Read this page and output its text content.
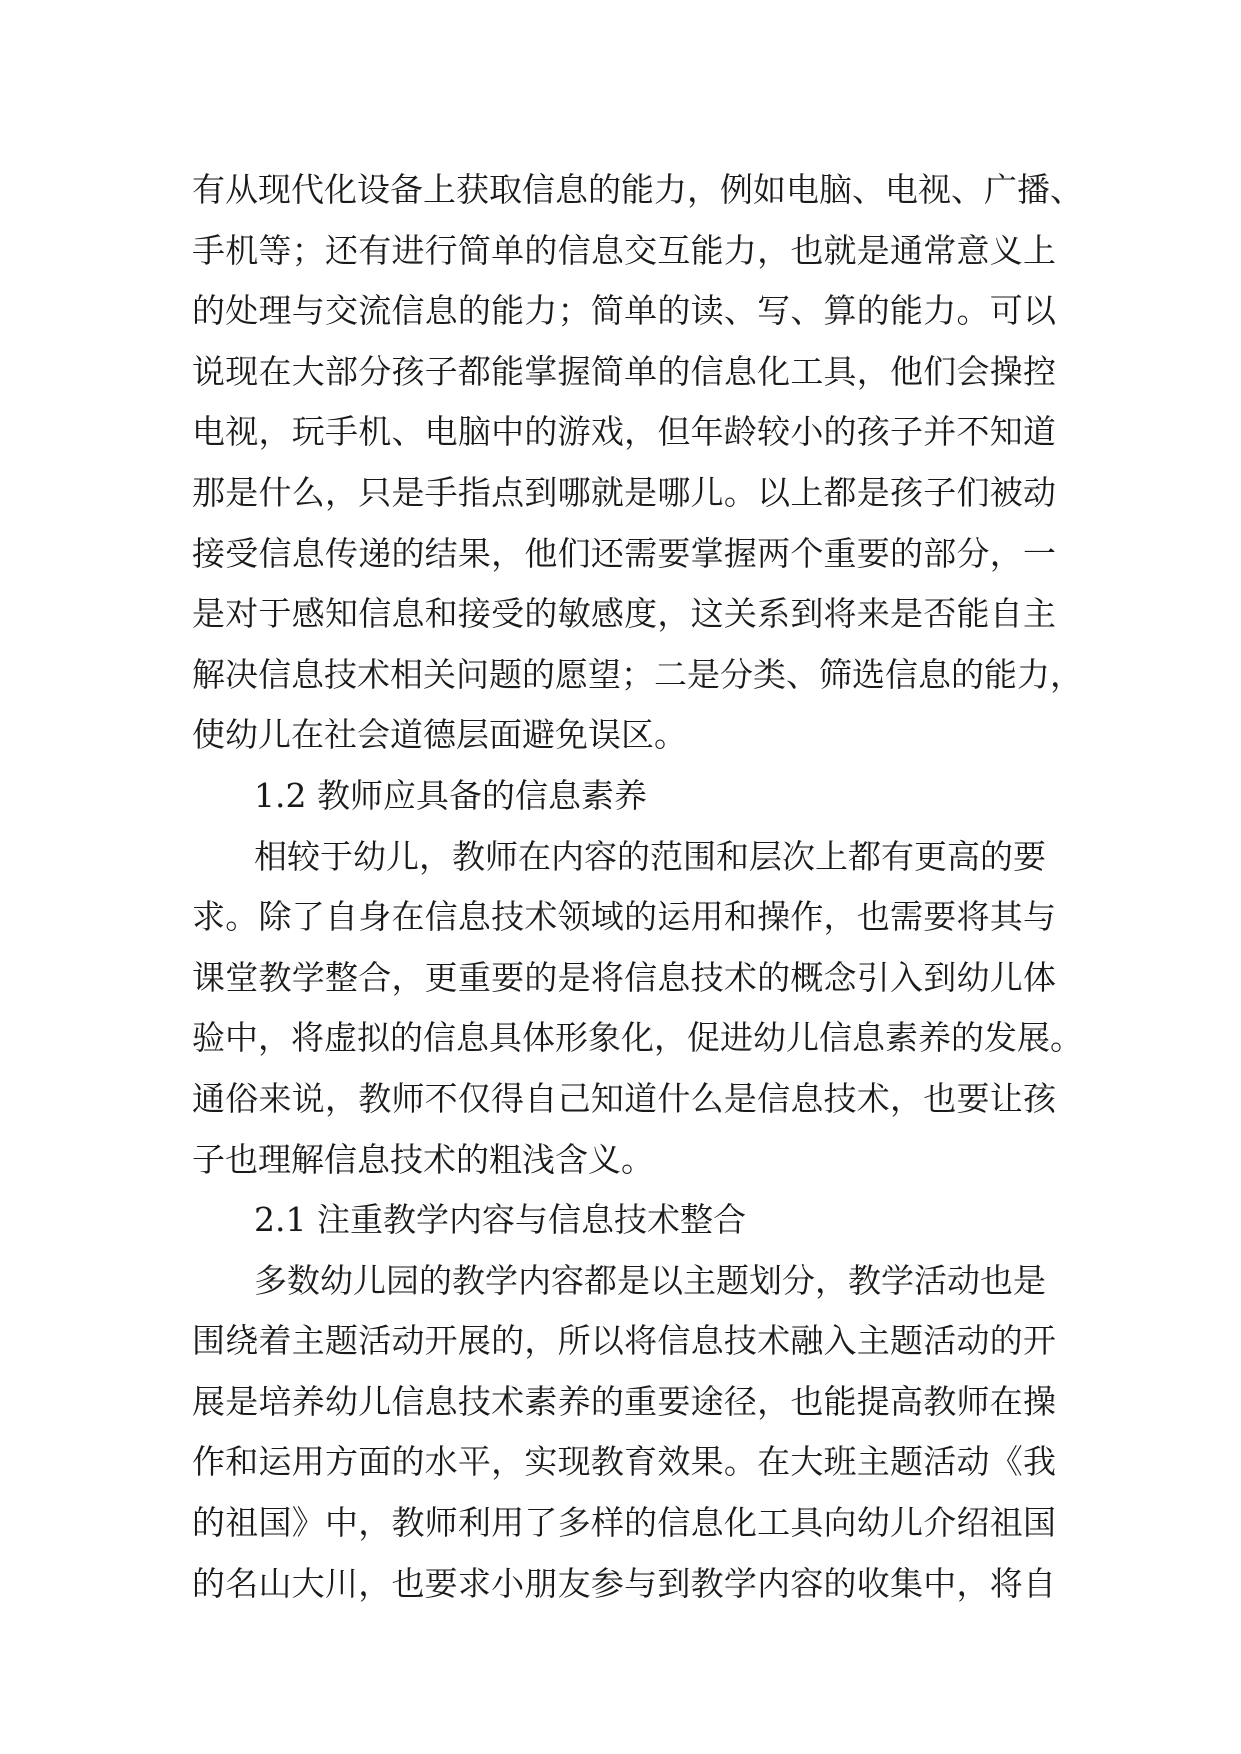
有从现代化设备上获取信息的能力，例如电脑、电视、广播、
手机等；还有进行简单的信息交互能力，也就是通常意义上
的处理与交流信息的能力；简单的读、写、算的能力。可以
说现在大部分孩子都能掌握简单的信息化工具，他们会操控
电视，玩手机、电脑中的游戏，但年龄较小的孩子并不知道
那是什么，只是手指点到哪就是哪儿。以上都是孩子们被动
接受信息传递的结果，他们还需要掌握两个重要的部分，一
是对于感知信息和接受的敏感度，这关系到将来是否能自主
解决信息技术相关问题的愿望；二是分类、筛选信息的能力，
使幼儿在社会道德层面避免误区。
1.2 教师应具备的信息素养
相较于幼儿，教师在内容的范围和层次上都有更高的要
求。除了自身在信息技术领域的运用和操作，也需要将其与
课堂教学整合，更重要的是将信息技术的概念引入到幼儿体
验中，将虚拟的信息具体形象化，促进幼儿信息素养的发展。
通俗来说，教师不仅得自己知道什么是信息技术，也要让孩
子也理解信息技术的粗浅含义。
2.1 注重教学内容与信息技术整合
多数幼儿园的教学内容都是以主题划分，教学活动也是
围绕着主题活动开展的，所以将信息技术融入主题活动的开
展是培养幼儿信息技术素养的重要途径，也能提高教师在操
作和运用方面的水平，实现教育效果。在大班主题活动《我
的祖国》中，教师利用了多样的信息化工具向幼儿介绍祖国
的名山大川，也要求小朋友参与到教学内容的收集中，将自
